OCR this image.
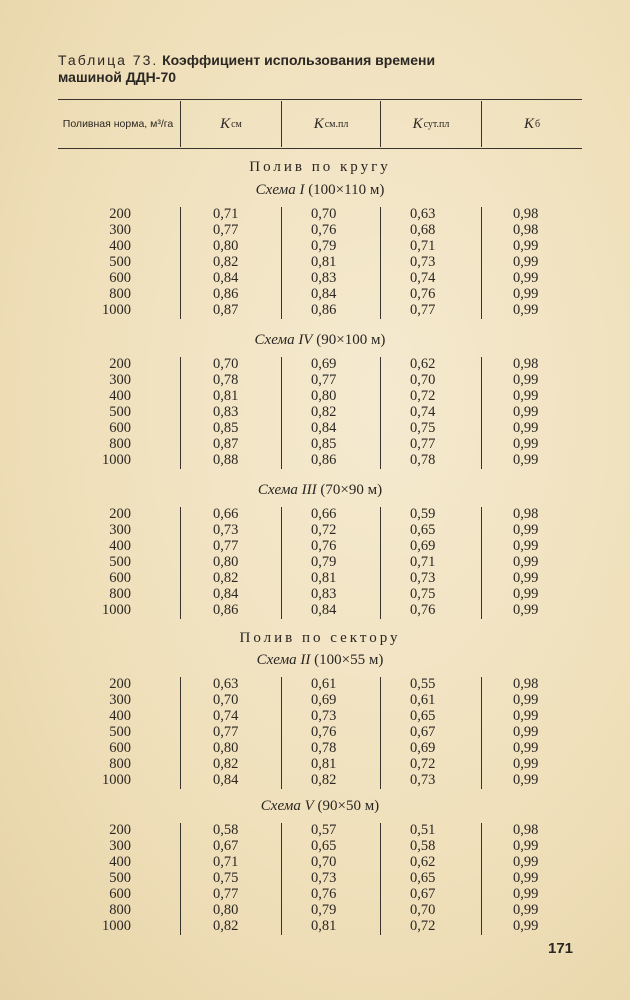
Таблица 73. Коэффициент использования времени
машиной ДДН-70
Поливная норма, м³/га	K см	K см.пл	K сут.пл	K б
Полив по кругу
Полив по сектору
Схема I (100×110 м)
200	0,71	0,70	0,63	0,98
300	0,77	0,76	0,68	0,98
400	0,80	0,79	0,71	0,99
500	0,82	0,81	0,73	0,99
600	0,84	0,83	0,74	0,99
800	0,86	0,84	0,76	0,99
1000	0,87	0,86	0,77	0,99
Схема IV (90×100 м)
200	0,70	0,69	0,62	0,98
300	0,78	0,77	0,70	0,99
400	0,81	0,80	0,72	0,99
500	0,83	0,82	0,74	0,99
600	0,85	0,84	0,75	0,99
800	0,87	0,85	0,77	0,99
1000	0,88	0,86	0,78	0,99
Схема III (70×90 м)
200	0,66	0,66	0,59	0,98
300	0,73	0,72	0,65	0,99
400	0,77	0,76	0,69	0,99
500	0,80	0,79	0,71	0,99
600	0,82	0,81	0,73	0,99
800	0,84	0,83	0,75	0,99
1000	0,86	0,84	0,76	0,99
Схема II (100×55 м)
200	0,63	0,61	0,55	0,98
300	0,70	0,69	0,61	0,99
400	0,74	0,73	0,65	0,99
500	0,77	0,76	0,67	0,99
600	0,80	0,78	0,69	0,99
800	0,82	0,81	0,72	0,99
1000	0,84	0,82	0,73	0,99
Схема V (90×50 м)
200	0,58	0,57	0,51	0,98
300	0,67	0,65	0,58	0,99
400	0,71	0,70	0,62	0,99
500	0,75	0,73	0,65	0,99
600	0,77	0,76	0,67	0,99
800	0,80	0,79	0,70	0,99
1000	0,82	0,81	0,72	0,99
171
